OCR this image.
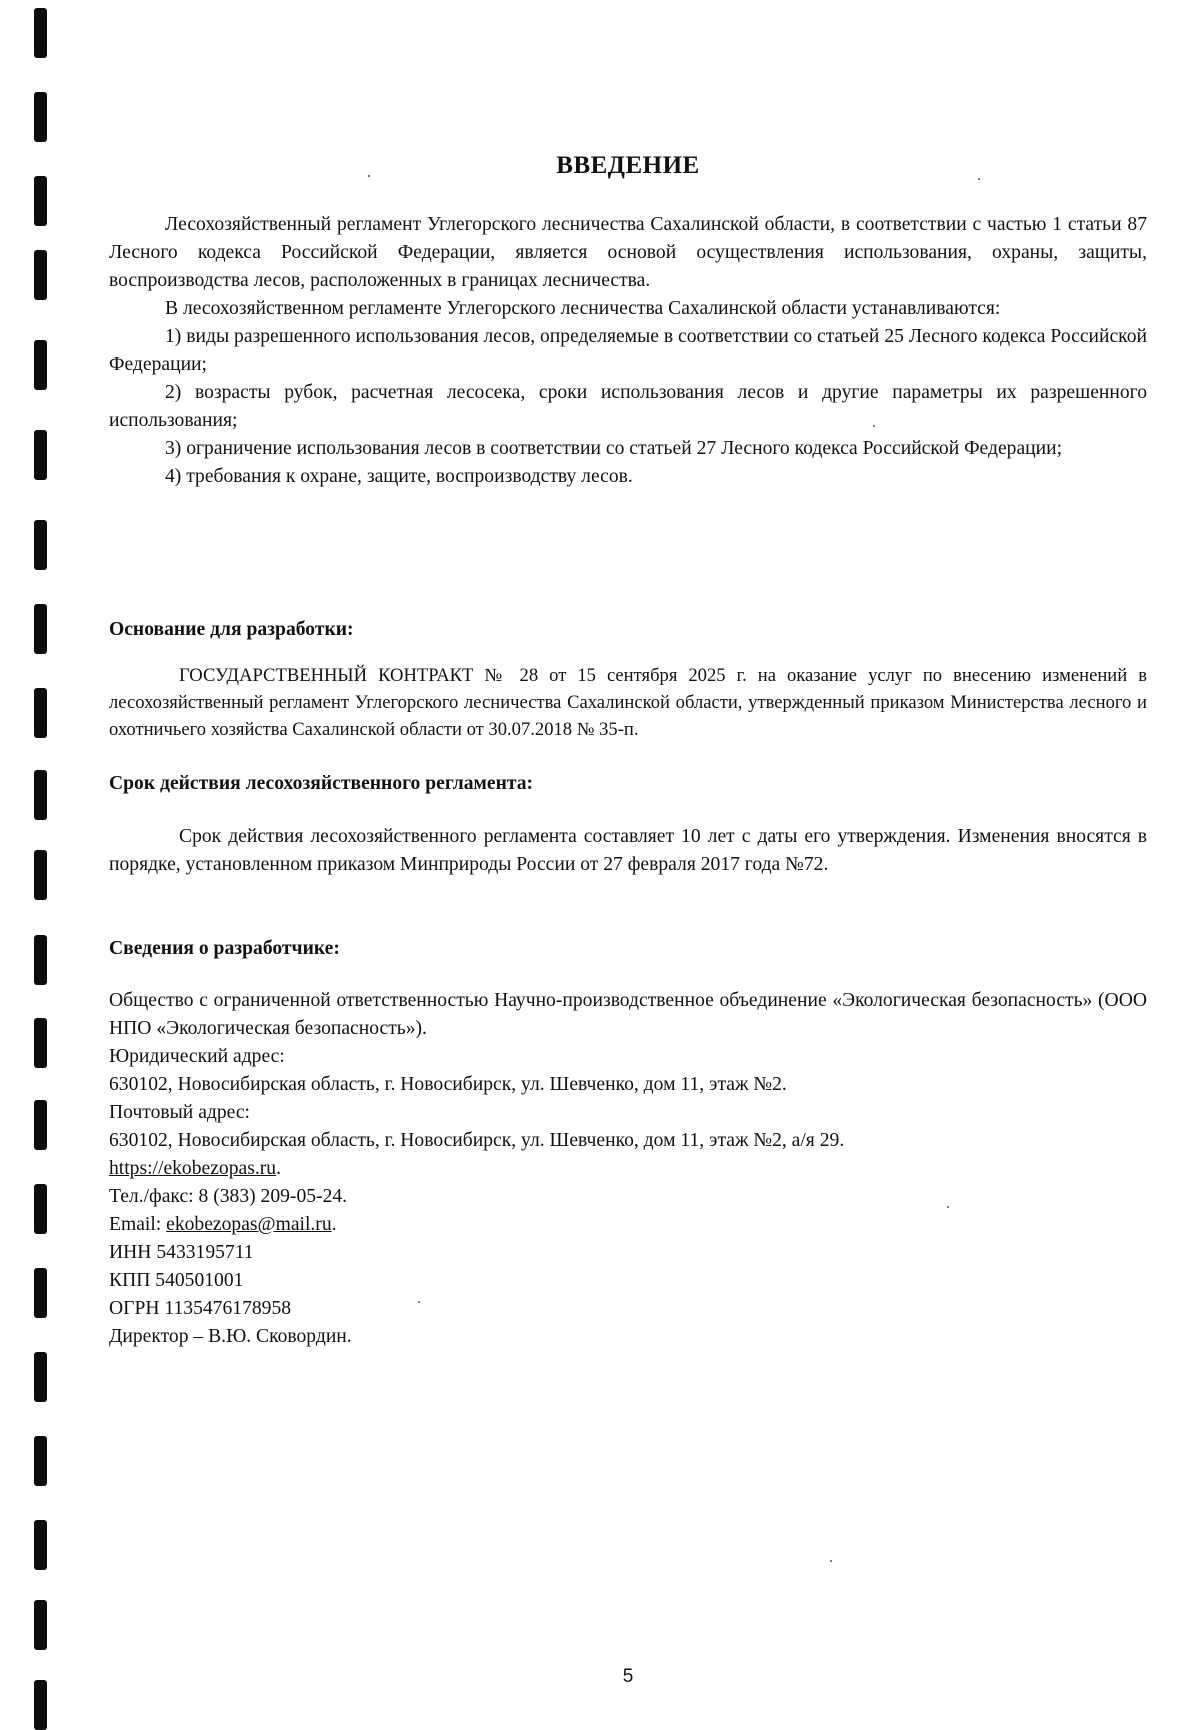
ВВЕДЕНИЕ

Лесохозяйственный регламент Углегорского лесничества Сахалинской области, в соответствии с частью 1 статьи 87 Лесного кодекса Российской Федерации, является основой осуществления использования, охраны, защиты, воспроизводства лесов, расположенных в границах лесничества.

В лесохозяйственном регламенте Углегорского лесничества Сахалинской области устанавливаются:

1) виды разрешенного использования лесов, определяемые в соответствии со статьей 25 Лесного кодекса Российской Федерации;

2) возрасты рубок, расчетная лесосека, сроки использования лесов и другие параметры их разрешенного использования;

3) ограничение использования лесов в соответствии со статьей 27 Лесного кодекса Российской Федерации;

4) требования к охране, защите, воспроизводству лесов.

Основание для разработки:

ГОСУДАРСТВЕННЫЙ КОНТРАКТ № 28 от 15 сентября 2025 г. на оказание услуг по внесению изменений в лесохозяйственный регламент Углегорского лесничества Сахалинской области, утвержденный приказом Министерства лесного и охотничьего хозяйства Сахалинской области от 30.07.2018 № 35-п.

Срок действия лесохозяйственного регламента:

Срок действия лесохозяйственного регламента составляет 10 лет с даты его утверждения. Изменения вносятся в порядке, установленном приказом Минприроды России от 27 февраля 2017 года №72.

Сведения о разработчике:

Общество с ограниченной ответственностью Научно-производственное объединение «Экологическая безопасность» (ООО НПО «Экологическая безопасность»).

Юридический адрес:
630102, Новосибирская область, г. Новосибирск, ул. Шевченко, дом 11, этаж №2.
Почтовый адрес:
630102, Новосибирская область, г. Новосибирск, ул. Шевченко, дом 11, этаж №2, а/я 29.
https://ekobezopas.ru.
Тел./факс: 8 (383) 209-05-24.
Email: ekobezopas@mail.ru.
ИНН 5433195711
КПП 540501001
ОГРН 1135476178958
Директор – В.Ю. Сковордин.
5
